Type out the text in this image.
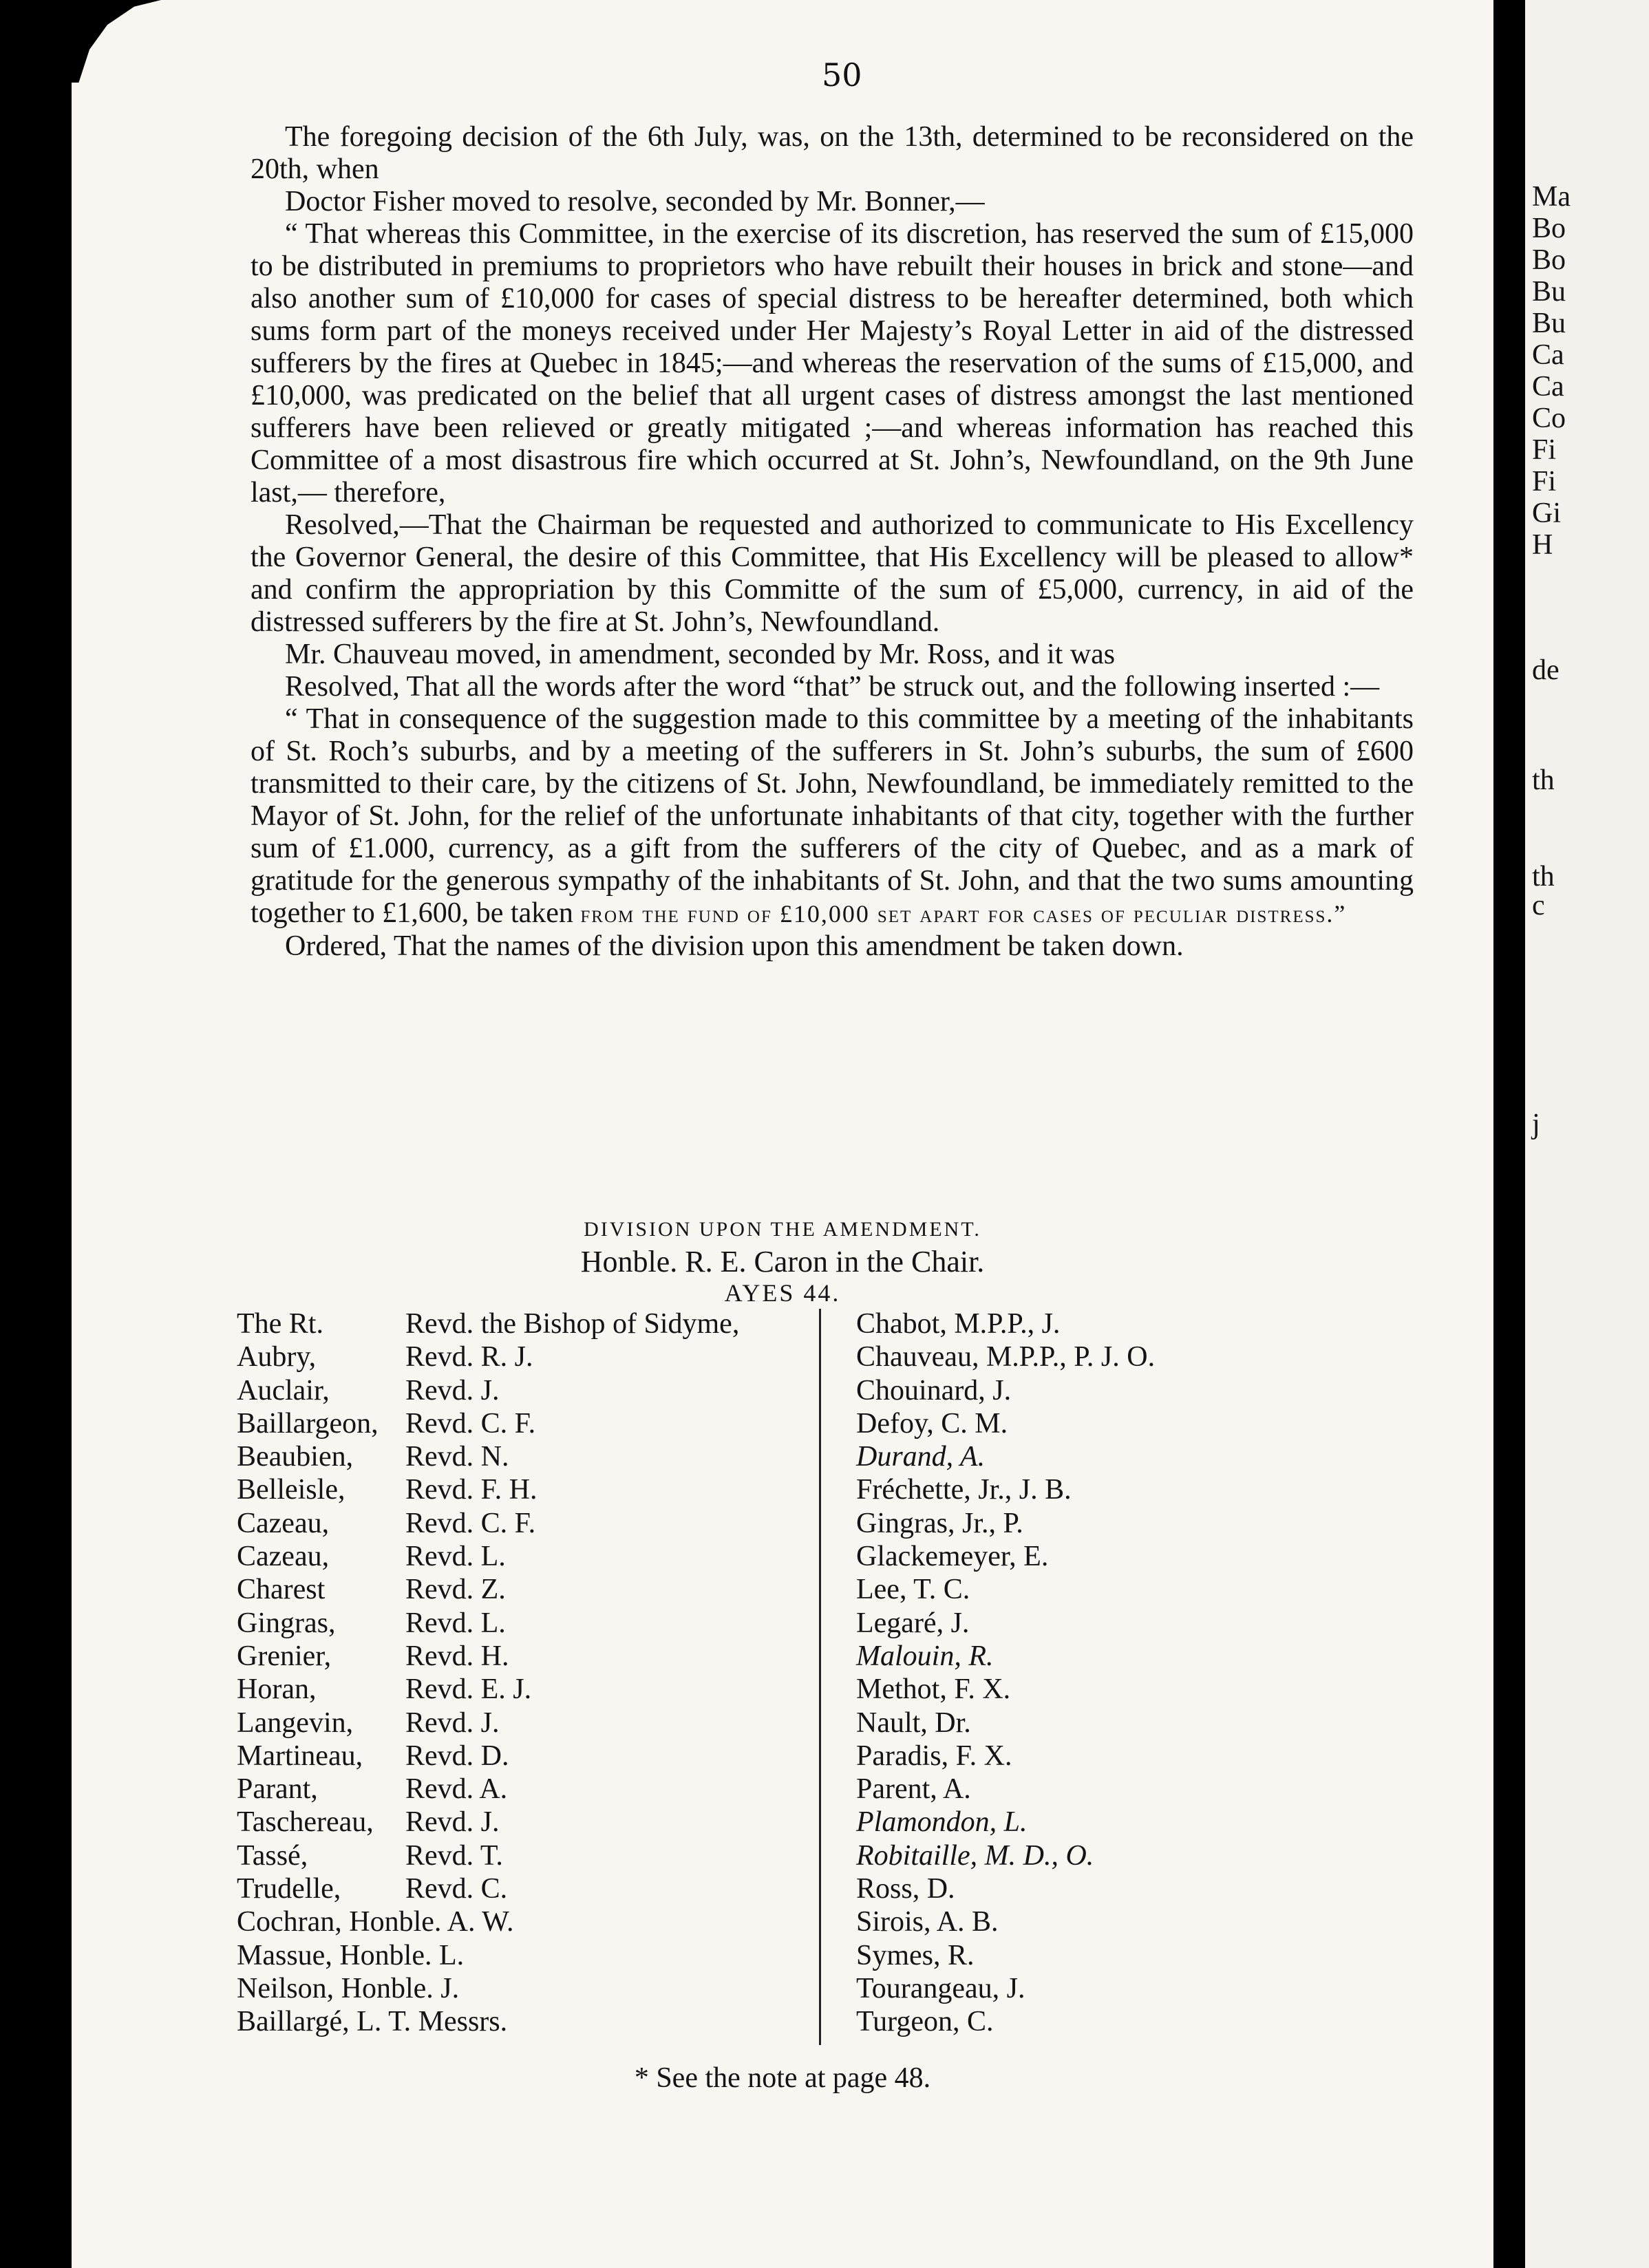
50

The foregoing decision of the 6th July, was, on the 13th, determined to be reconsidered on the 20th, when

Doctor Fisher moved to resolve, seconded by Mr. Bonner,—

“ That whereas this Committee, in the exercise of its discretion, has reserved the sum of £15,000 to be distributed in premiums to proprietors who have rebuilt their houses in brick and stone—and also another sum of £10,000 for cases of special distress to be hereafter determined, both which sums form part of the moneys received under Her Majesty’s Royal Letter in aid of the distressed sufferers by the fires at Quebec in 1845;—and whereas the reservation of the sums of £15,000, and £10,000, was predicated on the belief that all urgent cases of distress amongst the last mentioned sufferers have been relieved or greatly mitigated ;—and whereas information has reached this Committee of a most disastrous fire which occurred at St. John’s, Newfoundland, on the 9th June last,— therefore,

Resolved,—That the Chairman be requested and authorized to communicate to His Excellency the Governor General, the desire of this Committee, that His Excellency will be pleased to allow* and confirm the appropriation by this Committe of the sum of £5,000, currency, in aid of the distressed sufferers by the fire at St. John’s, Newfoundland.

Mr. Chauveau moved, in amendment, seconded by Mr. Ross, and it was

Resolved, That all the words after the word “that” be struck out, and the following inserted :—

“ That in consequence of the suggestion made to this committee by a meeting of the inhabitants of St. Roch’s suburbs, and by a meeting of the sufferers in St. John’s suburbs, the sum of £600 transmitted to their care, by the citizens of St. John, Newfoundland, be immediately remitted to the Mayor of St. John, for the relief of the unfortunate inhabitants of that city, together with the further sum of £1.000, currency, as a gift from the sufferers of the city of Quebec, and as a mark of gratitude for the generous sympathy of the inhabitants of St. John, and that the two sums amounting together to £1,600, be taken from the fund of £10,000 set apart for cases of peculiar distress.”

Ordered, That the names of the division upon this amendment be taken down.

DIVISION UPON THE AMENDMENT.
Honble. R. E. Caron in the Chair.
AYES 44.
The Rt.	Revd. the Bishop of Sidyme,
Aubry,	Revd. R. J.
Auclair,	Revd. J.
Baillargeon, Revd. C. F.
Beaubien, Revd. N.
Belleisle, Revd. F. H.
Cazeau,	Revd. C. F.
Cazeau,	Revd. L.
Charest	Revd. Z.
Gingras, Revd. L.
Grenier,	Revd. H.
Horan,	Revd. E. J.
Langevin, Revd. J.
Martineau, Revd. D.
Parant,	Revd. A.
Taschereau, Revd. J.
Tassé,	Revd. T.
Trudelle, Revd. C.
Cochran, Honble. A. W.
Massue, Honble. L.
Neilson, Honble. J.
Baillargé, L. T. Messrs.
Chabot, M.P.P., J.
Chauveau, M.P.P., P. J. O.
Chouinard, J.
Defoy, C. M.
Durand, A.
Fréchette, Jr., J. B.
Gingras, Jr., P.
Glackemeyer, E.
Lee, T. C.
Legaré, J.
Malouin, R.
Methot, F. X.
Nault, Dr.
Paradis, F. X.
Parent, A.
Plamondon, L.
Robitaille, M. D., O.
Ross, D.
Sirois, A. B.
Symes, R.
Tourangeau, J.
Turgeon, C.
* See the note at page 48.
Ma
Bo
Bo
Bu
Bu
Ca
Ca
Co
Fi
Fi
Gi
H
de
th
th
c
j
